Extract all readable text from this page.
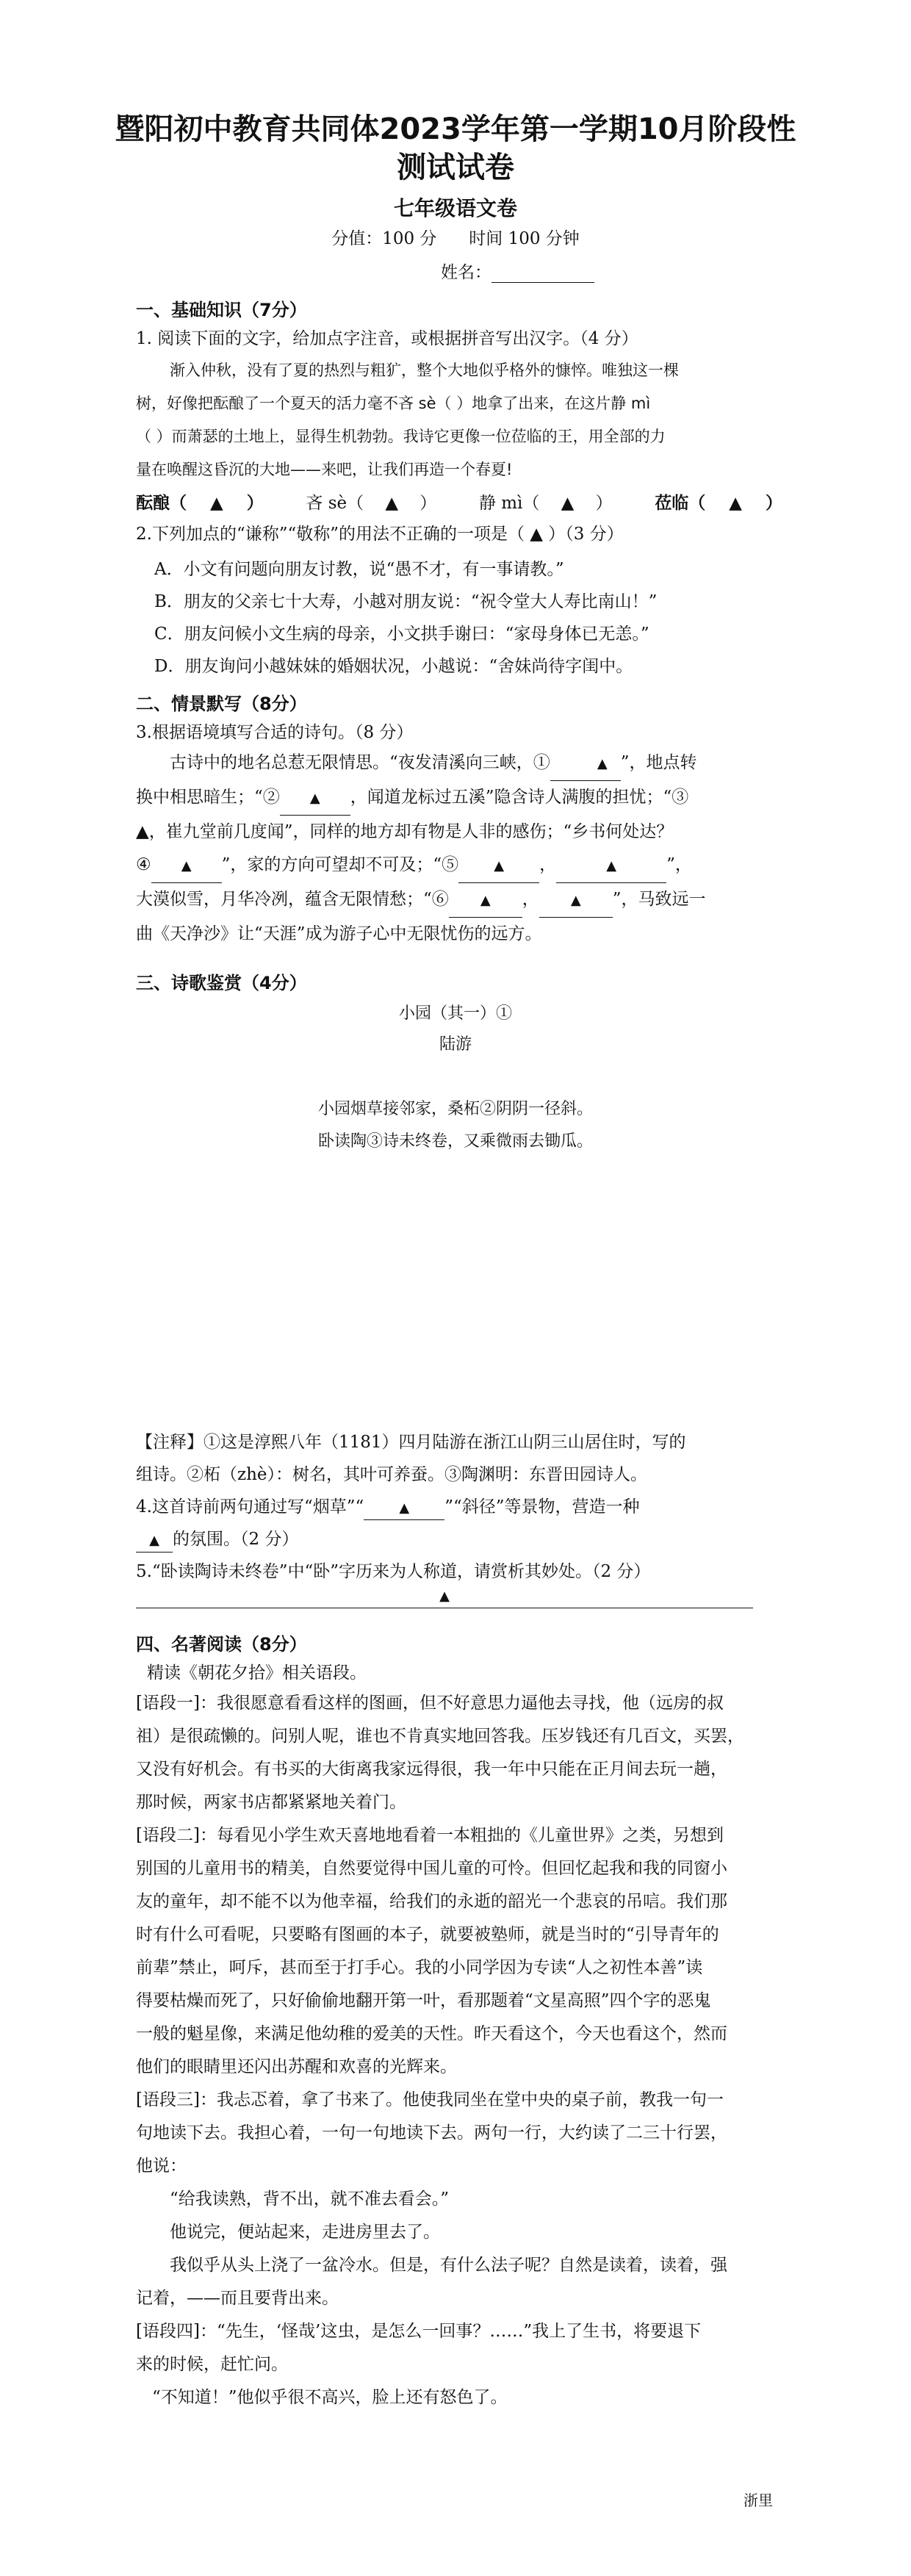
暨阳初中教育共同体2023学年第一学期10月阶段性
测试试卷
七年级语文卷
分值：100 分      时间 100 分钟
姓名：
一、基础知识（7分）
1. 阅读下面的文字，给加点字注音，或根据拼音写出汉字。（4 分）
渐入仲秋，没有了夏的热烈与粗犷，整个大地似乎格外的慷悴。唯独这一棵
树，好像把酝酿了一个夏天的活力毫不吝 sè（ ）地拿了出来，在这片静 mì
（ ）而萧瑟的土地上，显得生机勃勃。我诗它更像一位莅临的王，用全部的力
量在唤醒这昏沉的大地——来吧，让我们再造一个春夏!
酝酿（    ▲    ）	吝 sè（    ▲    ）	静 mì（    ▲    ）	莅临（    ▲    ）
2.下列加点的“谦称”“敬称”的用法不正确的一项是（ ▲ ）（3 分）
A．小文有问题向朋友讨教，说“愚不才，有一事请教。”
B．朋友的父亲七十大寿，小越对朋友说：“祝令堂大人寿比南山！”
C．朋友问候小文生病的母亲，小文拱手谢曰：“家母身体已无恙。”
D．朋友询问小越妹妹的婚姻状况，小越说：“舍妹尚待字闺中。
二、情景默写（8分）
3.根据语境填写合适的诗句。（8 分）
古诗中的地名总惹无限情思。“夜发清溪向三峡，①	▲ ”，地点转
换中相思暗生；“② ▲ ，闻道龙标过五溪”隐含诗人满腹的担忧；“③
▲，崔九堂前几度闻”，同样的地方却有物是人非的感伤；“乡书何处达？
④ ▲ ”，家的方向可望却不可及；“⑤	▲ ，	▲	”，
大漠似雪，月华冷冽，蕴含无限情愁；“⑥ ▲ ， ▲ ”，马致远一
曲《天净沙》让“天涯”成为游子心中无限忧伤的远方。
三、诗歌鉴赏（4分）
小园（其一）①
陆游
小园烟草接邻家，桑柘②阴阴一径斜。
卧读陶③诗未终卷，又乘微雨去锄瓜。
【注释】①这是淳熙八年（1181）四月陆游在浙江山阴三山居住时，写的
组诗。②柘（zhè）：树名，其叶可养蚕。③陶渊明：东晋田园诗人。
4.这首诗前两句通过写“烟草”“	▲ ”“斜径”等景物，营造一种
▲ 的氛围。（2 分）
5.“卧读陶诗未终卷”中“卧”字历来为人称道，请赏析其妙处。（2 分）
▲
四、名著阅读（8分）
精读《朝花夕拾》相关语段。
[语段一]：我很愿意看看这样的图画，但不好意思力逼他去寻找，他（远房的叔
祖）是很疏懒的。问别人呢，谁也不肯真实地回答我。压岁钱还有几百文，买罢，
又没有好机会。有书买的大街离我家远得很，我一年中只能在正月间去玩一趟，
那时候，两家书店都紧紧地关着门。
[语段二]：每看见小学生欢天喜地地看着一本粗拙的《儿童世界》之类，另想到
别国的儿童用书的精美，自然要觉得中国儿童的可怜。但回忆起我和我的同窗小
友的童年，却不能不以为他幸福，给我们的永逝的韶光一个悲哀的吊唁。我们那
时有什么可看呢，只要略有图画的本子，就要被塾师，就是当时的“引导青年的
前辈”禁止，呵斥，甚而至于打手心。我的小同学因为专读“人之初性本善”读
得要枯燥而死了，只好偷偷地翻开第一叶，看那题着“文星高照”四个字的恶鬼
一般的魁星像，来满足他幼稚的爱美的天性。昨天看这个，今天也看这个，然而
他们的眼睛里还闪出苏醒和欢喜的光辉来。
[语段三]：我忐忑着，拿了书来了。他使我同坐在堂中央的桌子前，教我一句一
句地读下去。我担心着，一句一句地读下去。两句一行，大约读了二三十行罢，
他说：
“给我读熟，背不出，就不准去看会。”
他说完，便站起来，走进房里去了。
我似乎从头上浇了一盆冷水。但是，有什么法子呢？自然是读着，读着，强
记着，——而且要背出来。
[语段四]：“先生，‘怪哉’这虫，是怎么一回事？……”我上了生书，将要退下
来的时候，赶忙问。
“不知道！”他似乎很不高兴，脸上还有怒色了。
浙里
